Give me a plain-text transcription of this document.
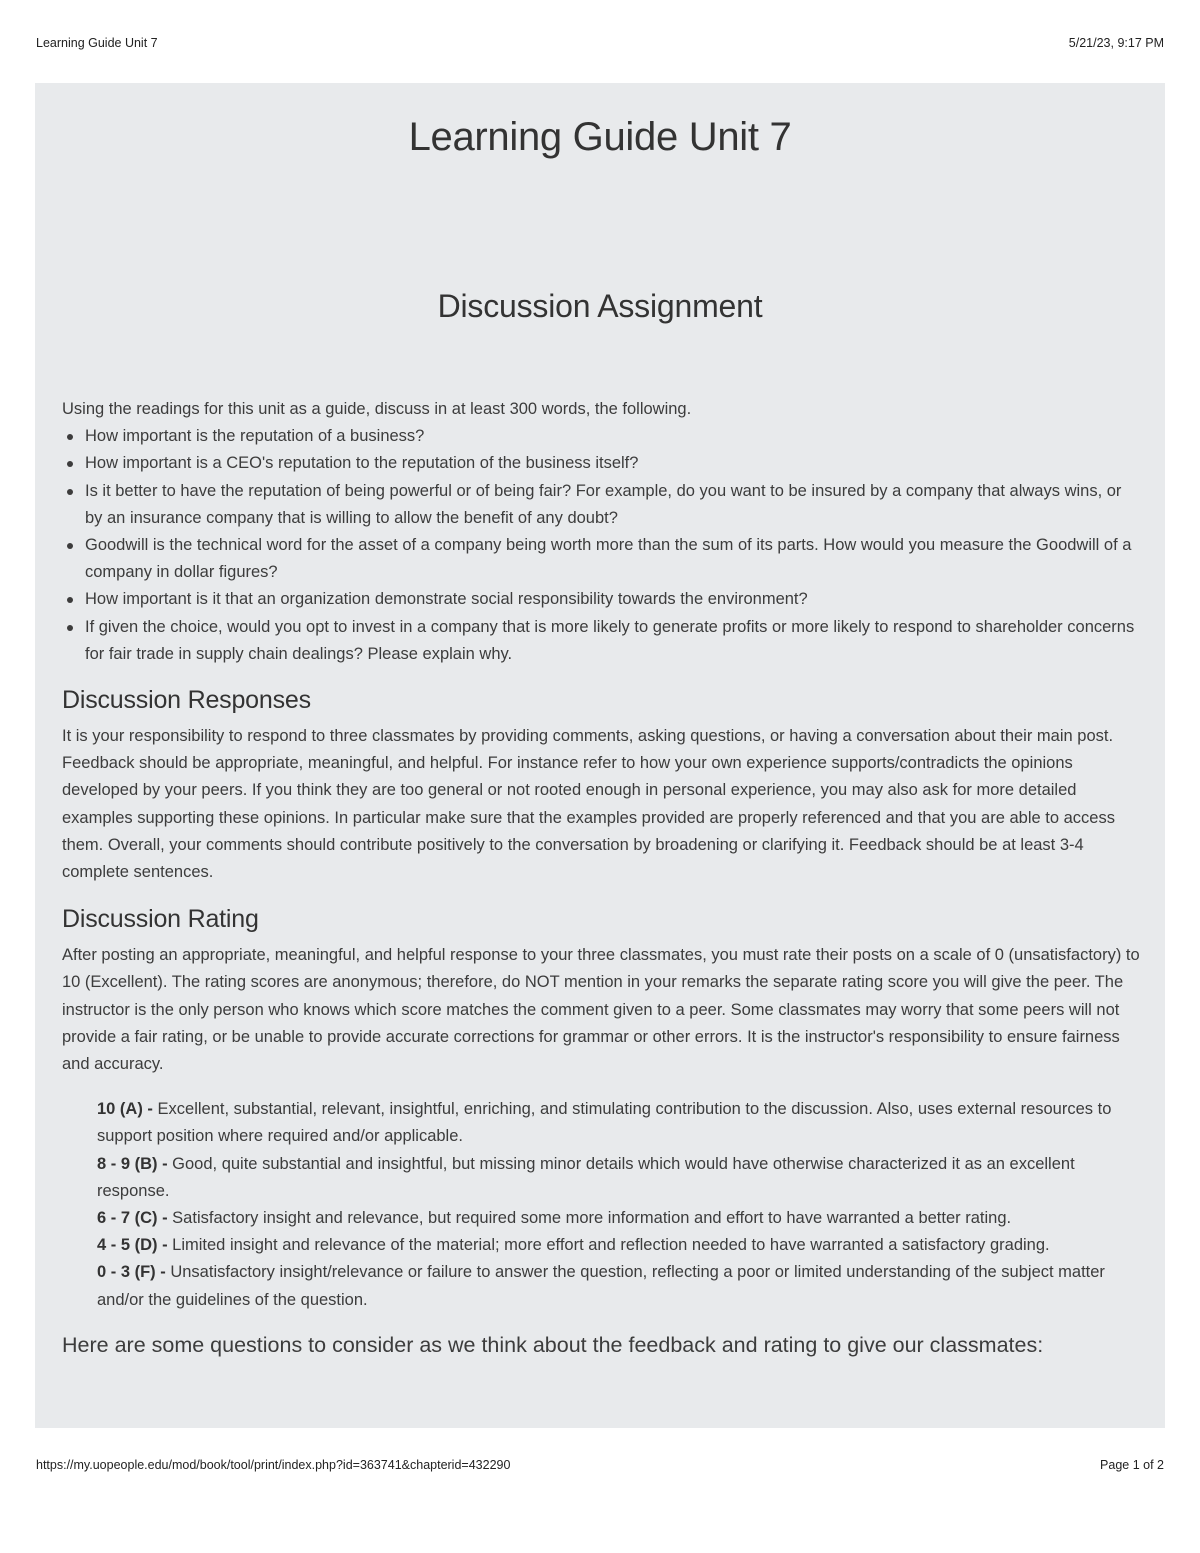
Learning Guide Unit 7	5/21/23, 9:17 PM
Learning Guide Unit 7
Discussion Assignment

Using the readings for this unit as a guide, discuss in at least 300 words, the following.

How important is the reputation of a business?
How important is a CEO's reputation to the reputation of the business itself?
Is it better to have the reputation of being powerful or of being fair? For example, do you want to be insured by a company that always wins, or by an insurance company that is willing to allow the benefit of any doubt?
Goodwill is the technical word for the asset of a company being worth more than the sum of its parts. How would you measure the Goodwill of a company in dollar figures?
How important is it that an organization demonstrate social responsibility towards the environment?
If given the choice, would you opt to invest in a company that is more likely to generate profits or more likely to respond to shareholder concerns for fair trade in supply chain dealings? Please explain why.
Discussion Responses

It is your responsibility to respond to three classmates by providing comments, asking questions, or having a conversation about their main post. Feedback should be appropriate, meaningful, and helpful. For instance refer to how your own experience supports/contradicts the opinions developed by your peers. If you think they are too general or not rooted enough in personal experience, you may also ask for more detailed examples supporting these opinions. In particular make sure that the examples provided are properly referenced and that you are able to access them. Overall, your comments should contribute positively to the conversation by broadening or clarifying it. Feedback should be at least 3-4 complete sentences.

Discussion Rating

After posting an appropriate, meaningful, and helpful response to your three classmates, you must rate their posts on a scale of 0 (unsatisfactory) to 10 (Excellent). The rating scores are anonymous; therefore, do NOT mention in your remarks the separate rating score you will give the peer. The instructor is the only person who knows which score matches the comment given to a peer. Some classmates may worry that some peers will not provide a fair rating, or be unable to provide accurate corrections for grammar or other errors. It is the instructor's responsibility to ensure fairness and accuracy.

10 (A) - Excellent, substantial, relevant, insightful, enriching, and stimulating contribution to the discussion. Also, uses external resources to support position where required and/or applicable.

8 - 9 (B) - Good, quite substantial and insightful, but missing minor details which would have otherwise characterized it as an excellent response.

6 - 7 (C) - Satisfactory insight and relevance, but required some more information and effort to have warranted a better rating.

4 - 5 (D) - Limited insight and relevance of the material; more effort and reflection needed to have warranted a satisfactory grading.

0 - 3 (F) - Unsatisfactory insight/relevance or failure to answer the question, reflecting a poor or limited understanding of the subject matter and/or the guidelines of the question.

Here are some questions to consider as we think about the feedback and rating to give our classmates:

https://my.uopeople.edu/mod/book/tool/print/index.php?id=363741&chapterid=432290	Page 1 of 2
